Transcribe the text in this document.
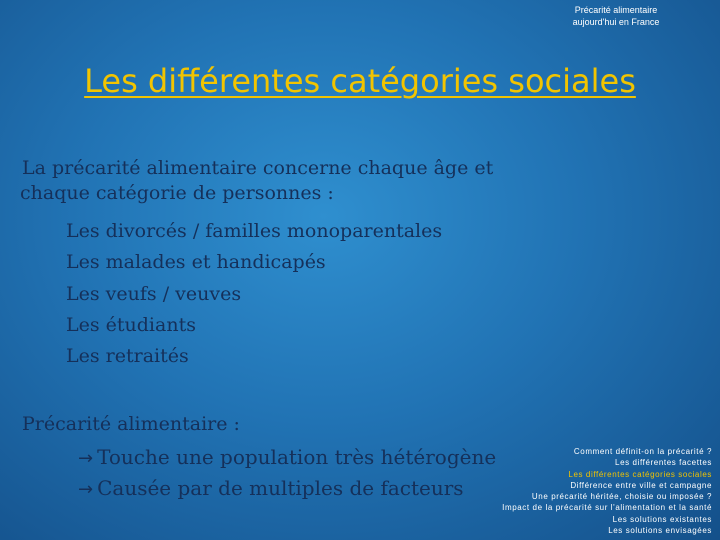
Précarité alimentaire
aujourd'hui en France
Les différentes catégories sociales
La précarité alimentaire concerne chaque âge et
chaque catégorie de personnes :
Les divorcés / familles monoparentales
Les malades et handicapés
Les veufs / veuves
Les étudiants
Les retraités
Précarité alimentaire :
→ Touche une population très hétérogène
→ Causée par de multiples de facteurs
Comment définit-on la précarité ?
Les différentes facettes
Les différentes catégories sociales
Différence entre ville et campagne
Une précarité héritée, choisie ou imposée ?
Impact de la précarité sur l'alimentation et la santé
Les solutions existantes
Les solutions envisagées
